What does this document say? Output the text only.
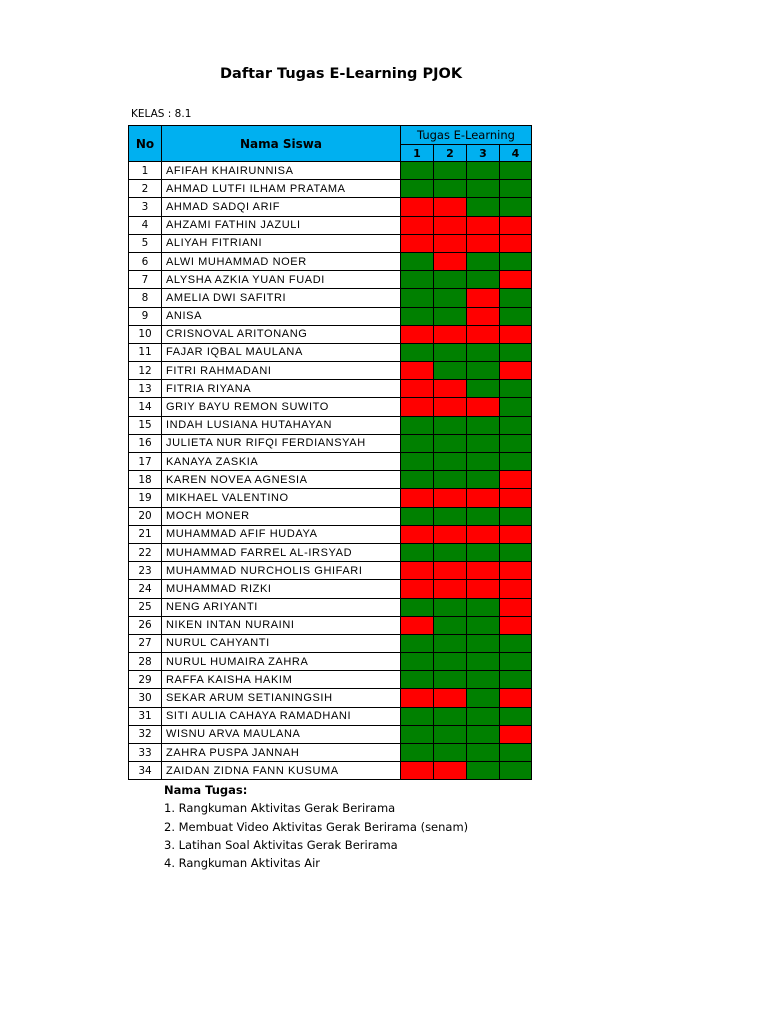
Daftar Tugas E-Learning PJOK
KELAS : 8.1
No	Nama Siswa	Tugas E-Learning			
		1	2	3	4
1	AFIFAH KHAIRUNNISA				
2	AHMAD LUTFI ILHAM PRATAMA				
3	AHMAD SADQI ARIF				
4	AHZAMI FATHIN JAZULI				
5	ALIYAH FITRIANI				
6	ALWI MUHAMMAD NOER				
7	ALYSHA AZKIA YUAN FUADI				
8	AMELIA DWI SAFITRI				
9	ANISA				
10	CRISNOVAL ARITONANG				
11	FAJAR IQBAL MAULANA				
12	FITRI RAHMADANI				
13	FITRIA RIYANA				
14	GRIY BAYU REMON SUWITO				
15	INDAH LUSIANA HUTAHAYAN				
16	JULIETA NUR RIFQI FERDIANSYAH				
17	KANAYA ZASKIA				
18	KAREN NOVEA AGNESIA				
19	MIKHAEL VALENTINO				
20	MOCH MONER				
21	MUHAMMAD AFIF HUDAYA				
22	MUHAMMAD FARREL AL-IRSYAD				
23	MUHAMMAD NURCHOLIS GHIFARI				
24	MUHAMMAD RIZKI				
25	NENG ARIYANTI				
26	NIKEN INTAN NURAINI				
27	NURUL CAHYANTI				
28	NURUL HUMAIRA ZAHRA				
29	RAFFA KAISHA HAKIM				
30	SEKAR ARUM SETIANINGSIH				
31	SITI AULIA CAHAYA RAMADHANI				
32	WISNU ARVA MAULANA				
33	ZAHRA PUSPA JANNAH				
34	ZAIDAN ZIDNA FANN KUSUMA				
Nama Tugas:
1. Rangkuman Aktivitas Gerak Berirama
2. Membuat Video Aktivitas Gerak Berirama (senam)
3. Latihan Soal Aktivitas Gerak Berirama
4. Rangkuman Aktivitas Air
